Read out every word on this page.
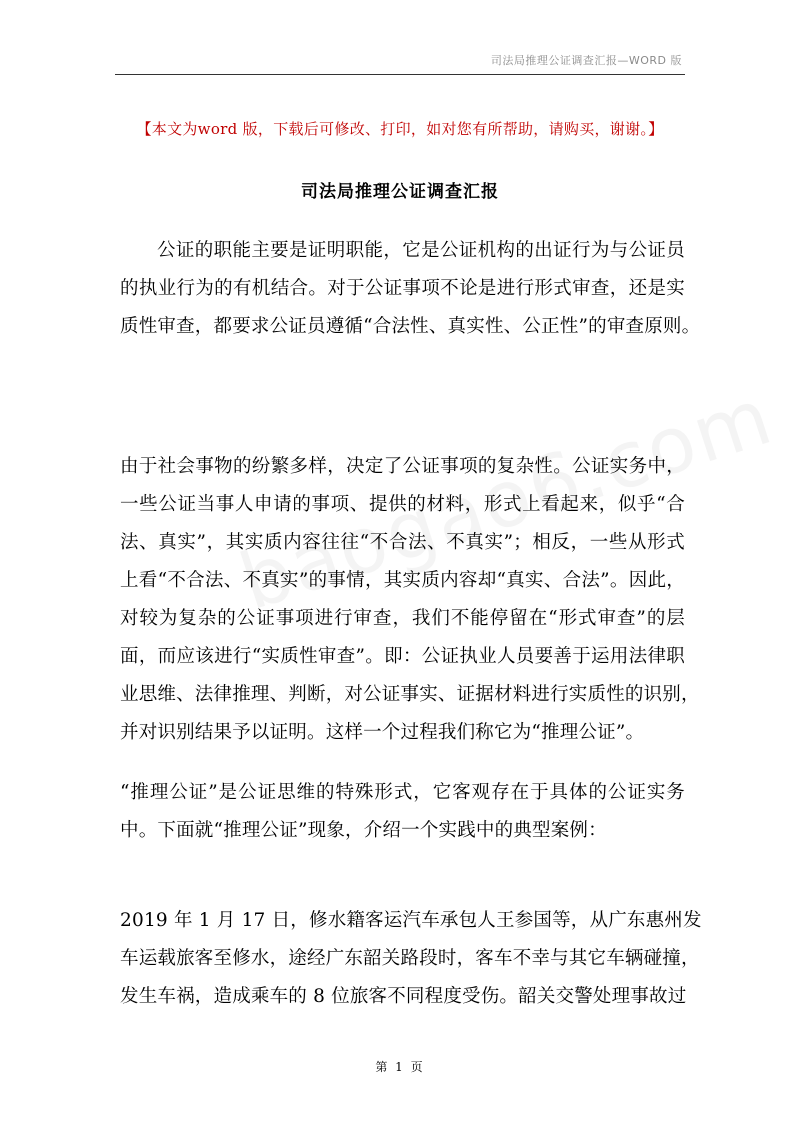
司法局推理公证调查汇报—WORD 版
【本文为word 版，下载后可修改、打印，如对您有所帮助，请购买，谢谢。】
司法局推理公证调查汇报
公证的职能主要是证明职能，它是公证机构的出证行为与公证员
的执业行为的有机结合。对于公证事项不论是进行形式审查，还是实
质性审查，都要求公证员遵循“合法性、真实性、公正性”的审查原则。
由于社会事物的纷繁多样，决定了公证事项的复杂性。公证实务中，
一些公证当事人申请的事项、提供的材料，形式上看起来，似乎“合
法、真实”，其实质内容往往“不合法、不真实”；相反，一些从形式
上看“不合法、不真实”的事情，其实质内容却“真实、合法”。因此，
对较为复杂的公证事项进行审查，我们不能停留在“形式审查”的层
面，而应该进行“实质性审查”。即：公证执业人员要善于运用法律职
业思维、法律推理、判断，对公证事实、证据材料进行实质性的识别，
并对识别结果予以证明。这样一个过程我们称它为“推理公证”。
“推理公证”是公证思维的特殊形式，它客观存在于具体的公证实务
中。下面就“推理公证”现象，介绍一个实践中的典型案例：
2019 年 1 月 17 日，修水籍客运汽车承包人王参国等，从广东惠州发
车运载旅客至修水，途经广东韶关路段时，客车不幸与其它车辆碰撞，
发生车祸，造成乘车的 8 位旅客不同程度受伤。韶关交警处理事故过
第 1 页
